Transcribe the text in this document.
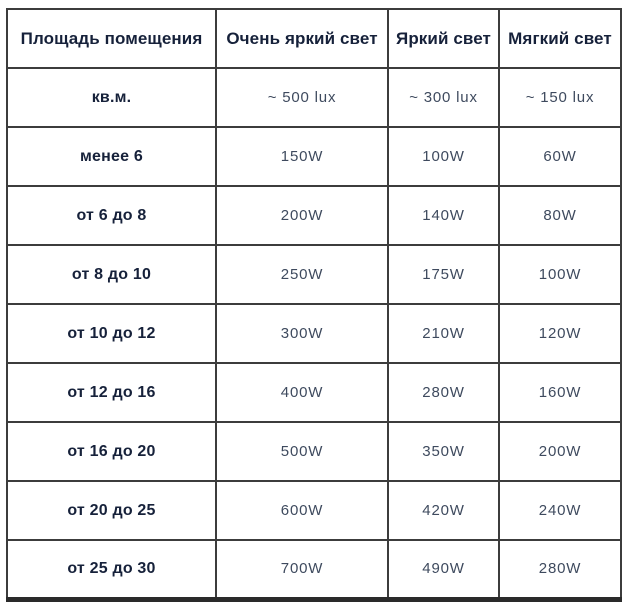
Площадь помещения	Очень яркий свет	Яркий свет	Мягкий свет
кв.м.	~ 500 lux	~ 300 lux	~ 150 lux
менее 6	150W	100W	60W
от 6 до 8	200W	140W	80W
от 8 до 10	250W	175W	100W
от 10 до 12	300W	210W	120W
от 12 до 16	400W	280W	160W
от 16 до 20	500W	350W	200W
от 20 до 25	600W	420W	240W
от 25 до 30	700W	490W	280W
